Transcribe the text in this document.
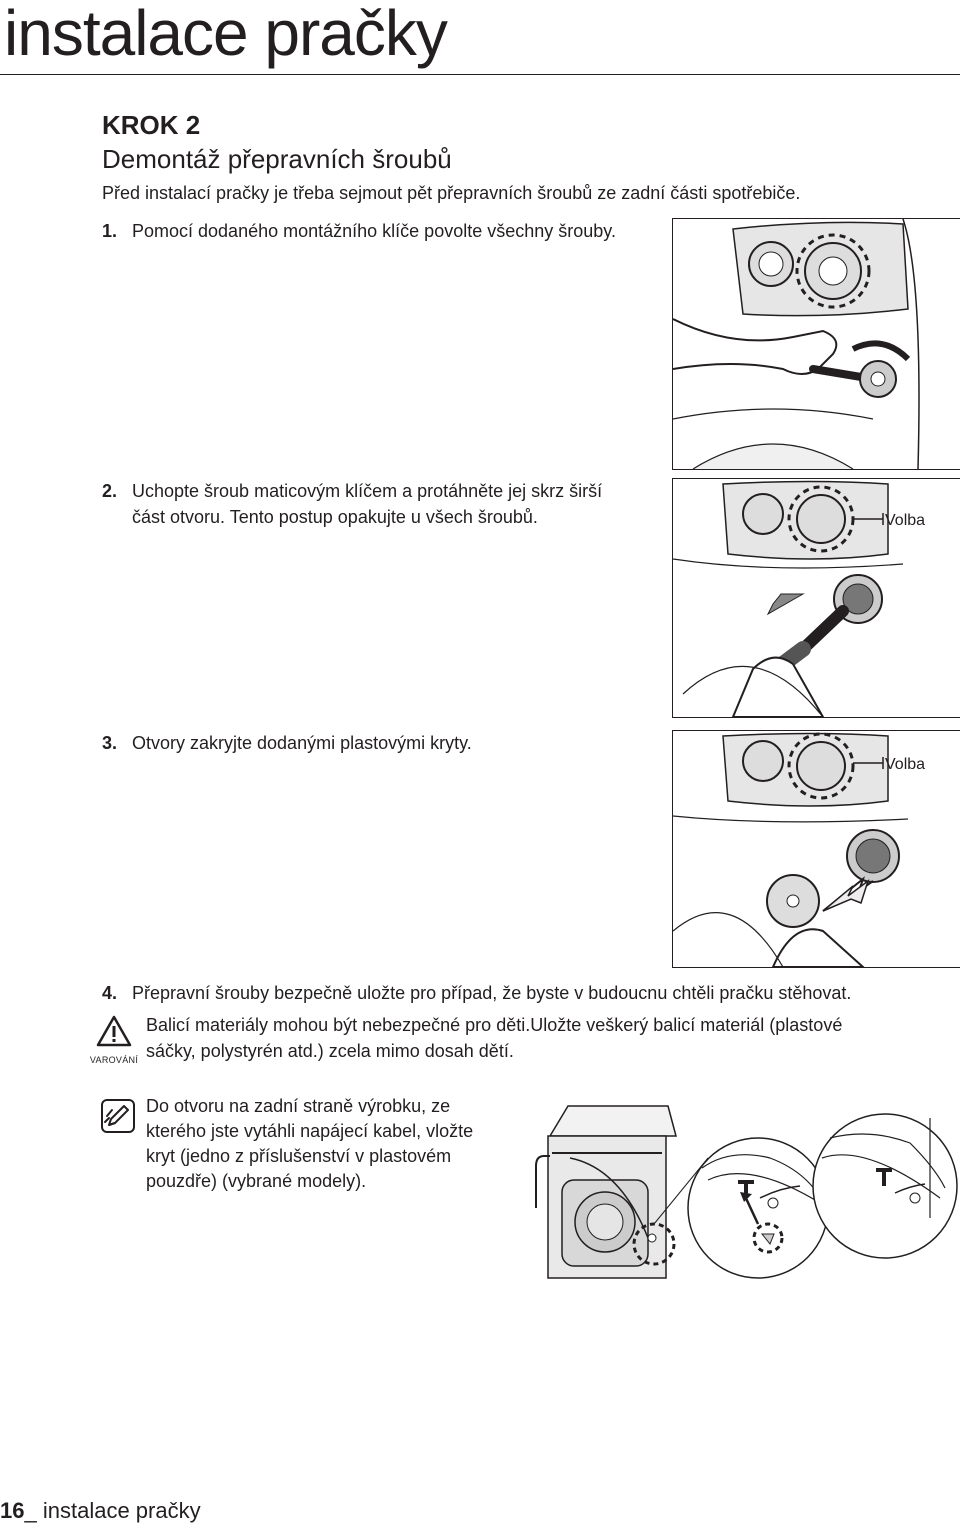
instalace pračky
KROK 2
Demontáž přepravních šroubů
Před instalací pračky je třeba sejmout pět přepravních šroubů ze zadní části spotřebiče.
1. Pomocí dodaného montážního klíče povolte všechny šrouby.
2. Uchopte šroub maticovým klíčem a protáhněte jej skrz širší
část otvoru. Tento postup opakujte u všech šroubů.	Volba
3. Otvory zakryjte dodanými plastovými kryty.
Volba
4. Přepravní šrouby bezpečně uložte pro případ, že byste v budoucnu chtěli pračku stěhovat.
VAROVÁNÍ
Balicí materiály mohou být nebezpečné pro děti.Uložte veškerý balicí materiál (plastové
sáčky, polystyrén atd.) zcela mimo dosah dětí.
Do otvoru na zadní straně výrobku, ze
kterého jste vytáhli napájecí kabel, vložte
kryt (jedno z příslušenství v plastovém
pouzdře) (vybrané modely).
16_ instalace pračky
